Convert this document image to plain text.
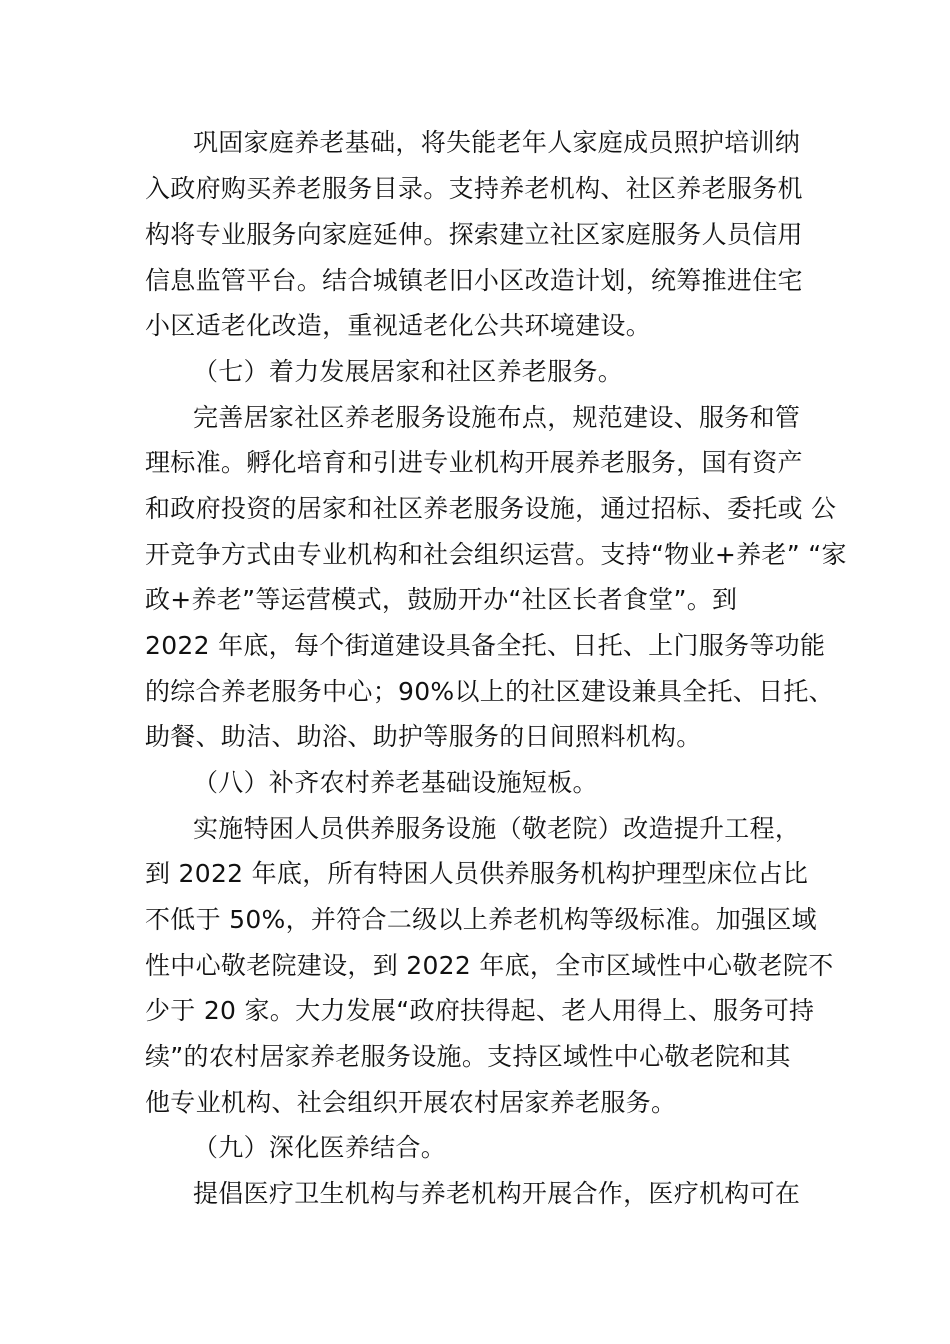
巩固家庭养老基础，将失能老年人家庭成员照护培训纳
入政府购买养老服务目录。支持养老机构、社区养老服务机
构将专业服务向家庭延伸。探索建立社区家庭服务人员信用
信息监管平台。结合城镇老旧小区改造计划，统筹推进住宅
小区适老化改造，重视适老化公共环境建设。
（七）着力发展居家和社区养老服务。
完善居家社区养老服务设施布点，规范建设、服务和管
理标准。孵化培育和引进专业机构开展养老服务，国有资产
和政府投资的居家和社区养老服务设施，通过招标、委托或 公
开竞争方式由专业机构和社会组织运营。支持“物业+养老” “家
政+养老”等运营模式，鼓励开办“社区长者食堂”。到
2022 年底，每个街道建设具备全托、日托、上门服务等功能
的综合养老服务中心；90%以上的社区建设兼具全托、日托、
助餐、助洁、助浴、助护等服务的日间照料机构。
（八）补齐农村养老基础设施短板。
实施特困人员供养服务设施（敬老院）改造提升工程，
到 2022 年底，所有特困人员供养服务机构护理型床位占比
不低于 50%，并符合二级以上养老机构等级标准。加强区域
性中心敬老院建设，到 2022 年底，全市区域性中心敬老院不
少于 20 家。大力发展“政府扶得起、老人用得上、服务可持
续”的农村居家养老服务设施。支持区域性中心敬老院和其
他专业机构、社会组织开展农村居家养老服务。
（九）深化医养结合。
提倡医疗卫生机构与养老机构开展合作，医疗机构可在
